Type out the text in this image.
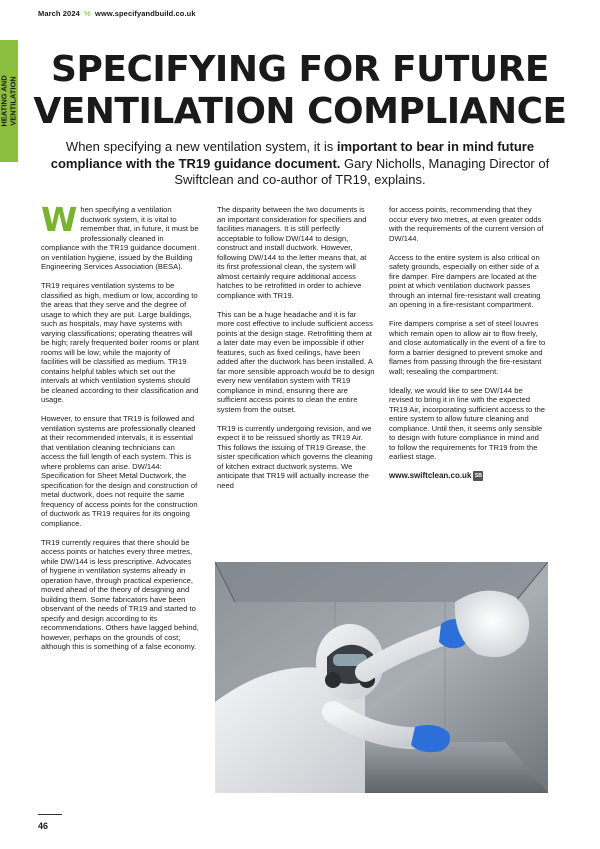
March 2024 % www.specifyandbuild.co.uk
HEATING AND VENTILATION
SPECIFYING FOR FUTURE
VENTILATION COMPLIANCE

When specifying a new ventilation system, it is important to bear in mind future compliance with the TR19 guidance document. Gary Nicholls, Managing Director of Swiftclean and co-author of TR19, explains.

When specifying a ventilation ductwork system, it is vital to remember that, in future, it must be professionally cleaned in compliance with the TR19 guidance document on ventilation hygiene, issued by the Building Engineering Services Association (BESA).

TR19 requires ventilation systems to be classified as high, medium or low, according to the areas that they serve and the degree of usage to which they are put. Large buildings, such as hospitals, may have systems with varying classifications; operating theatres will be high; rarely frequented boiler rooms or plant rooms will be low; while the majority of facilities will be classified as medium. TR19 contains helpful tables which set out the intervals at which ventilation systems should be cleaned according to their classification and usage.

However, to ensure that TR19 is followed and ventilation systems are professionally cleaned at their recommended intervals, it is essential that ventilation cleaning technicians can access the full length of each system. This is where problems can arise. DW/144: Specification for Sheet Metal Ductwork, the specification for the design and construction of metal ductwork, does not require the same frequency of access points for the construction of ductwork as TR19 requires for its ongoing compliance.

TR19 currently requires that there should be access points or hatches every three metres, while DW/144 is less prescriptive. Advocates of hygiene in ventilation systems already in operation have, through practical experience, moved ahead of the theory of designing and building them. Some fabricators have been observant of the needs of TR19 and started to specify and design according to its recommendations. Others have lagged behind, however, perhaps on the grounds of cost; although this is something of a false economy.

The disparity between the two documents is an important consideration for specifiers and facilities managers. It is still perfectly acceptable to follow DW/144 to design, construct and install ductwork. However, following DW/144 to the letter means that, at its first professional clean, the system will almost certainly require additional access hatches to be retrofitted in order to achieve compliance with TR19.

This can be a huge headache and it is far more cost effective to include sufficient access points at the design stage. Retrofitting them at a later date may even be impossible if other features, such as fixed ceilings, have been added after the ductwork has been installed. A far more sensible approach would be to design every new ventilation system with TR19 compliance in mind, ensuring there are sufficient access points to clean the entire system from the outset.

TR19 is currently undergoing revision, and we expect it to be reissued shortly as TR19 Air. This follows the issuing of TR19 Grease, the sister specification which governs the cleaning of kitchen extract ductwork systems. We anticipate that TR19 will actually increase the need

for access points, recommending that they occur every two metres, at even greater odds with the requirements of the current version of DW/144.

Access to the entire system is also critical on safety grounds, especially on either side of a fire damper. Fire dampers are located at the point at which ventilation ductwork passes through an internal fire-resistant wall creating an opening in a fire-resistant compartment.

Fire dampers comprise a set of steel louvres which remain open to allow air to flow freely, and close automatically in the event of a fire to form a barrier designed to prevent smoke and flames from passing through the fire-resistant wall; resealing the compartment.

Ideally, we would like to see DW/144 be revised to bring it in line with the expected TR19 Air, incorporating sufficient access to the entire system to allow future cleaning and compliance. Until then, it seems only sensible to design with future compliance in mind and to follow the requirements for TR19 from the earliest stage.

www.swiftclean.co.uk SB

46
